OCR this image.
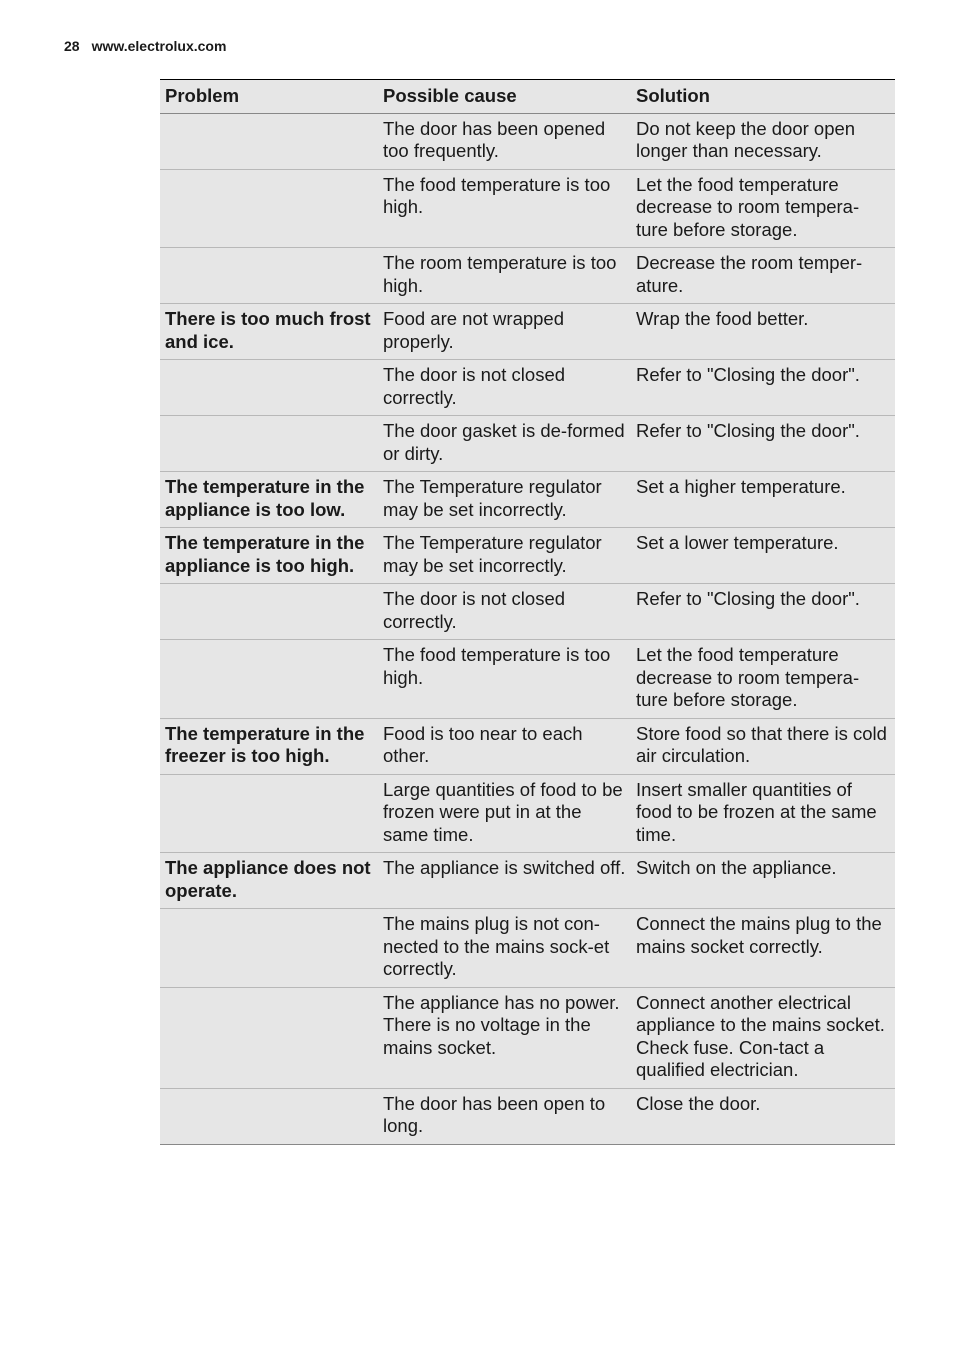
28 www.electrolux.com
Problem	Possible cause	Solution
	The door has been opened too frequently.	Do not keep the door open longer than necessary.
	The food temperature is too high.	Let the food temperature decrease to room tempera-ture before storage.
	The room temperature is too high.	Decrease the room temper-ature.
There is too much frost and ice.	Food are not wrapped properly.	Wrap the food better.
	The door is not closed correctly.	Refer to "Closing the door".
	The door gasket is de-formed or dirty.	Refer to "Closing the door".
The temperature in the appliance is too low.	The Temperature regulator may be set incorrectly.	Set a higher temperature.
The temperature in the appliance is too high.	The Temperature regulator may be set incorrectly.	Set a lower temperature.
	The door is not closed correctly.	Refer to "Closing the door".
	The food temperature is too high.	Let the food temperature decrease to room tempera-ture before storage.
The temperature in the freezer is too high.	Food is too near to each other.	Store food so that there is cold air circulation.
	Large quantities of food to be frozen were put in at the same time.	Insert smaller quantities of food to be frozen at the same time.
The appliance does not operate.	The appliance is switched off.	Switch on the appliance.
	The mains plug is not con-nected to the mains sock-et correctly.	Connect the mains plug to the mains socket correctly.
	The appliance has no power. There is no voltage in the mains socket.	Connect another electrical appliance to the mains socket. Check fuse. Con-tact a qualified electrician.
	The door has been open to long.	Close the door.
